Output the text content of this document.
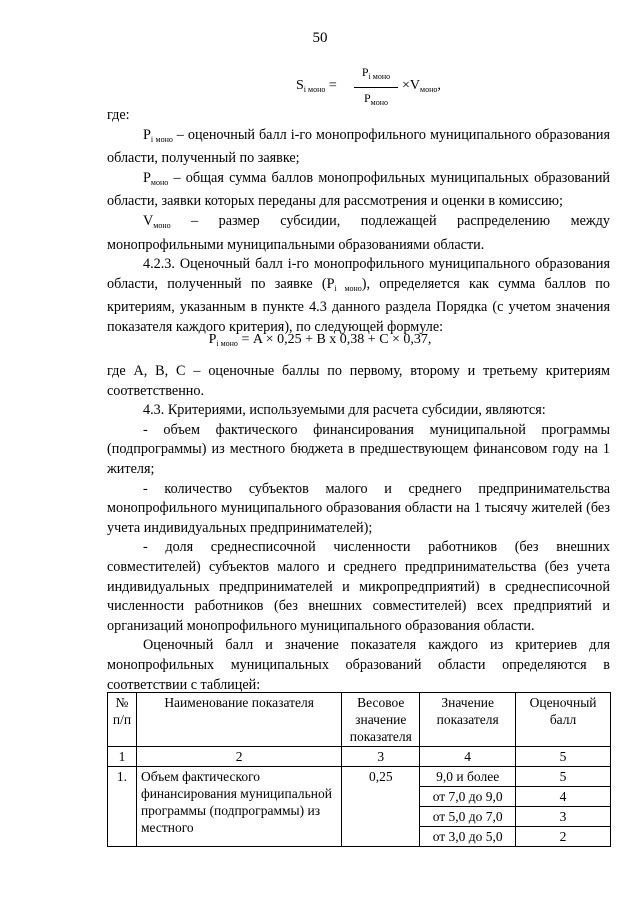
50
$S_{i моно}$ =
$P_{i моно}$
$P_{моно}$
$\times V_{моно}$,

где:

$P_{i моно}$ – оценочный балл i-го монопрофильного муниципального образования области, полученный по заявке;

$P_{моно}$ – общая сумма баллов монопрофильных муниципальных образований области, заявки которых переданы для рассмотрения и оценки в комиссию;

$V_{моно}$ – размер субсидии, подлежащей распределению между монопрофильными муниципальными образованиями области.

4.2.3. Оценочный балл i-го монопрофильного муниципального образования области, полученный по заявке $(P_{i моно})$, определяется как сумма баллов по критериям, указанным в пункте 4.3 данного раздела Порядка (с учетом значения показателя каждого критерия), по следующей формуле:

$P_{i моно} = A \times 0,25 + B$ x 0,38 + C × 0,37,

где A, B, C – оценочные баллы по первому, второму и третьему критериям соответственно.

4.3. Критериями, используемыми для расчета субсидии, являются:

- объем фактического финансирования муниципальной программы (подпрограммы) из местного бюджета в предшествующем финансовом году на 1 жителя;

- количество субъектов малого и среднего предпринимательства монопрофильного муниципального образования области на 1 тысячу жителей (без учета индивидуальных предпринимателей);

- доля среднесписочной численности работников (без внешних совместителей) субъектов малого и среднего предпринимательства (без учета индивидуальных предпринимателей и микропредприятий) в среднесписочной численности работников (без внешних совместителей) всех предприятий и организаций монопрофильного муниципального образования области.

Оценочный балл и значение показателя каждого из критериев для монопрофильных муниципальных образований области определяются в соответствии с таблицей:

№ п/п	Наименование показателя	Весовое значение показателя	Значение показателя	Оценочный балл
1	2	3	4	5
1.	Объем фактического финансирования муниципальной программы (подпрограммы) из местного	0,25	9,0 и более	5
			от 7,0 до 9,0	4
			от 5,0 до 7,0	3
			от 3,0 до 5,0	2
